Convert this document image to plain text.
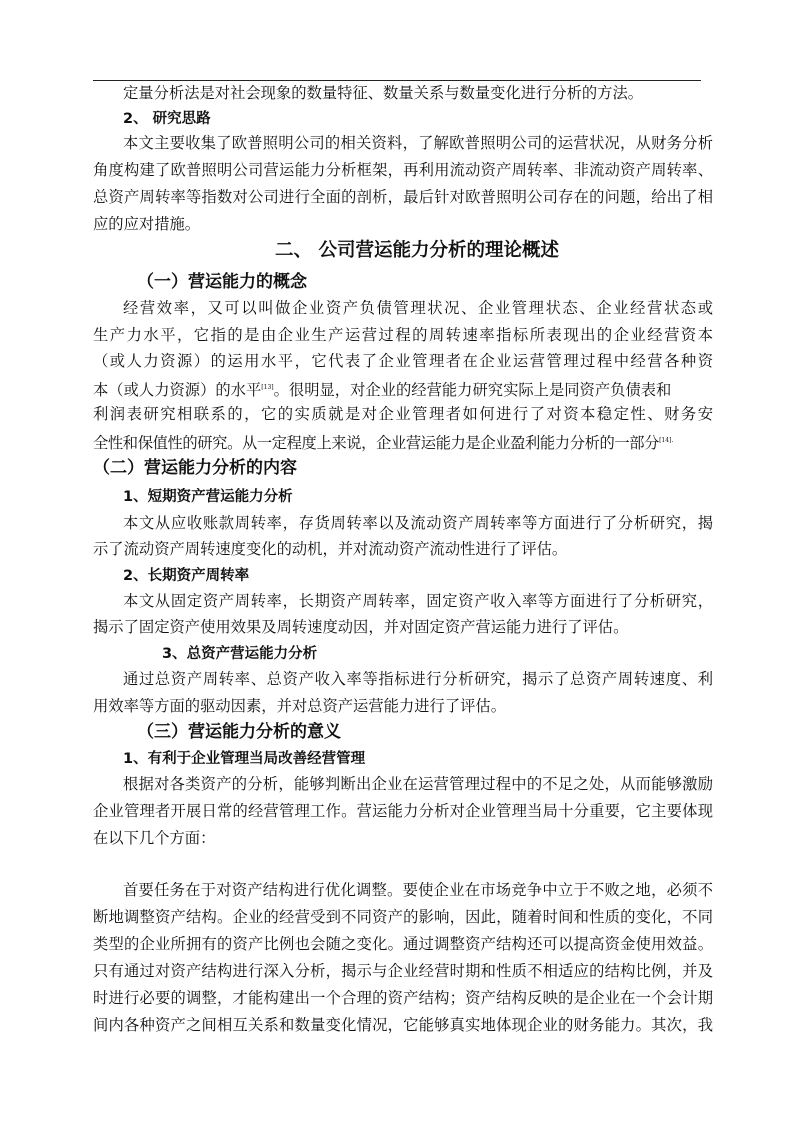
定量分析法是对社会现象的数量特征、数量关系与数量变化进行分析的方法。

2、 研究思路

本文主要收集了欧普照明公司的相关资料，了解欧普照明公司的运营状况，从财务分析

角度构建了欧普照明公司营运能力分析框架，再利用流动资产周转率、非流动资产周转率、

总资产周转率等指数对公司进行全面的剖析，最后针对欧普照明公司存在的问题，给出了相

应的应对措施。

二、 公司营运能力分析的理论概述
（一）营运能力的概念

经营效率，又可以叫做企业资产负债管理状况、企业管理状态、企业经营状态或

生产力水平，它指的是由企业生产运营过程的周转速率指标所表现出的企业经营资本

（或人力资源）的运用水平，它代表了企业管理者在企业运营管理过程中经营各种资

本（或人力资源）的水平[13]。很明显，对企业的经营能力研究实际上是同资产负债表和

利润表研究相联系的，它的实质就是对企业管理者如何进行了对资本稳定性、财务安

全性和保值性的研究。从一定程度上来说，企业营运能力是企业盈利能力分析的一部分$^{[14].}$

（二）营运能力分析的内容
1、短期资产营运能力分析

本文从应收账款周转率，存货周转率以及流动资产周转率等方面进行了分析研究，揭

示了流动资产周转速度变化的动机，并对流动资产流动性进行了评估。

2、长期资产周转率

本文从固定资产周转率，长期资产周转率，固定资产收入率等方面进行了分析研究，

揭示了固定资产使用效果及周转速度动因，并对固定资产营运能力进行了评估。

3、总资产营运能力分析

通过总资产周转率、总资产收入率等指标进行分析研究，揭示了总资产周转速度、利

用效率等方面的驱动因素，并对总资产运营能力进行了评估。

（三）营运能力分析的意义
1、有利于企业管理当局改善经营管理

根据对各类资产的分析，能够判断出企业在运营管理过程中的不足之处，从而能够激励

企业管理者开展日常的经营管理工作。营运能力分析对企业管理当局十分重要，它主要体现

在以下几个方面：

首要任务在于对资产结构进行优化调整。要使企业在市场竞争中立于不败之地，必须不

断地调整资产结构。企业的经营受到不同资产的影响，因此，随着时间和性质的变化，不同

类型的企业所拥有的资产比例也会随之变化。通过调整资产结构还可以提高资金使用效益。

只有通过对资产结构进行深入分析，揭示与企业经营时期和性质不相适应的结构比例，并及

时进行必要的调整，才能构建出一个合理的资产结构；资产结构反映的是企业在一个会计期

间内各种资产之间相互关系和数量变化情况，它能够真实地体现企业的财务能力。其次，我
